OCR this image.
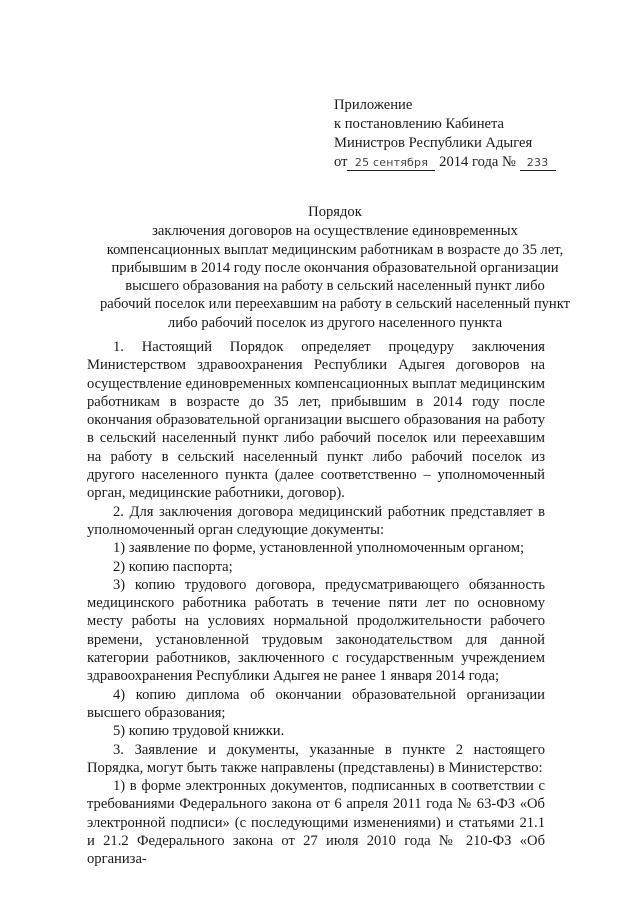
Приложение
к постановлению Кабинета
Министров Республики Адыгея
от 25 сентября 2014 года № 233
Порядок
заключения договоров на осуществление единовременных
компенсационных выплат медицинским работникам в возрасте до 35 лет,
прибывшим в 2014 году после окончания образовательной организации
высшего образования на работу в сельский населенный пункт либо
рабочий поселок или переехавшим на работу в сельский населенный пункт
либо рабочий поселок из другого населенного пункта

1. Настоящий Порядок определяет процедуру заключения Министерством здравоохранения Республики Адыгея договоров на осуществление единовременных компенсационных выплат медицинским работникам в возрасте до 35 лет, прибывшим в 2014 году после окончания образовательной организации высшего образования на работу в сельский населенный пункт либо рабочий поселок или переехавшим на работу в сельский населенный пункт либо рабочий поселок из другого населенного пункта (далее соответственно – уполномоченный орган, медицинские работники, договор).

2. Для заключения договора медицинский работник представляет в уполномоченный орган следующие документы:

1) заявление по форме, установленной уполномоченным органом;

2) копию паспорта;

3) копию трудового договора, предусматривающего обязанность медицинского работника работать в течение пяти лет по основному месту работы на условиях нормальной продолжительности рабочего времени, установленной трудовым законодательством для данной категории работников, заключенного с государственным учреждением здравоохранения Республики Адыгея не ранее 1 января 2014 года;

4) копию диплома об окончании образовательной организации высшего образования;

5) копию трудовой книжки.

3. Заявление и документы, указанные в пункте 2 настоящего Порядка, могут быть также направлены (представлены) в Министерство:

1) в форме электронных документов, подписанных в соответствии с требованиями Федерального закона от 6 апреля 2011 года № 63-ФЗ «Об электронной подписи» (с последующими изменениями) и статьями 21.1 и 21.2 Федерального закона от 27 июля 2010 года № 210-ФЗ «Об организа-
